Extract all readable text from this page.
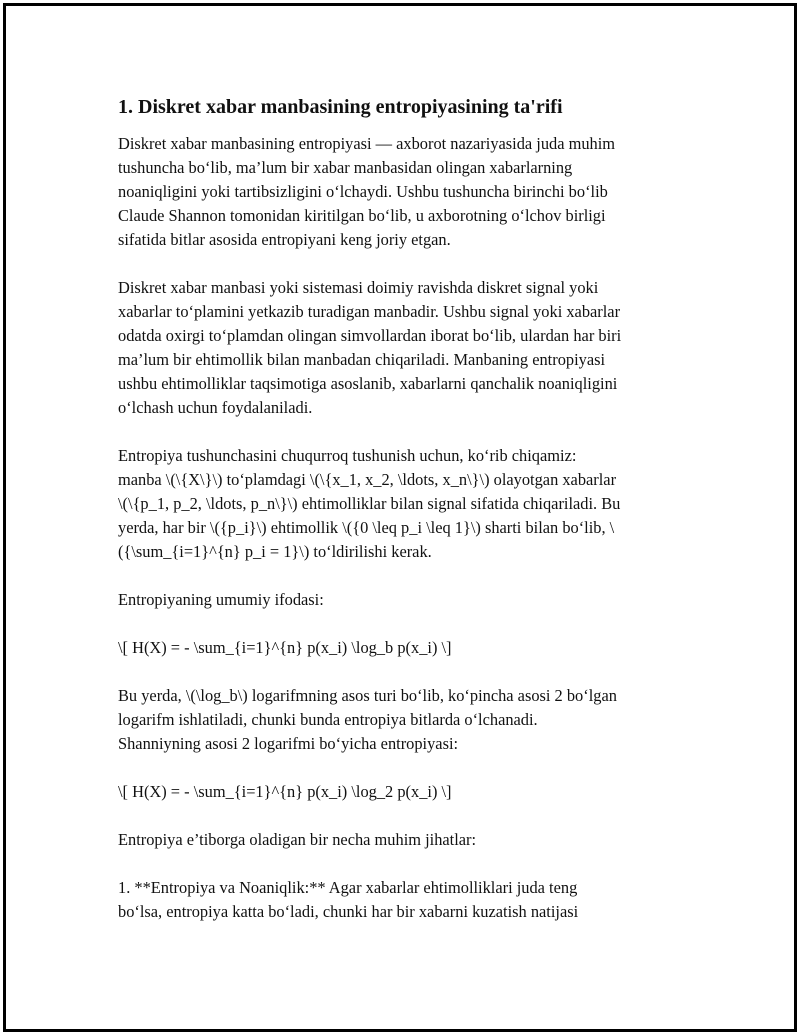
1. Diskret xabar manbasining entropiyasining ta'rifi

Diskret xabar manbasining entropiyasi — axborot nazariyasida juda muhim
tushuncha bo‘lib, ma’lum bir xabar manbasidan olingan xabarlarning
noaniqligini yoki tartibsizligini o‘lchaydi. Ushbu tushuncha birinchi bo‘lib
Claude Shannon tomonidan kiritilgan bo‘lib, u axborotning o‘lchov birligi
sifatida bitlar asosida entropiyani keng joriy etgan.

Diskret xabar manbasi yoki sistemasi doimiy ravishda diskret signal yoki
xabarlar to‘plamini yetkazib turadigan manbadir. Ushbu signal yoki xabarlar
odatda oxirgi to‘plamdan olingan simvollardan iborat bo‘lib, ulardan har biri
ma’lum bir ehtimollik bilan manbadan chiqariladi. Manbaning entropiyasi
ushbu ehtimolliklar taqsimotiga asoslanib, xabarlarni qanchalik noaniqligini
o‘lchash uchun foydalaniladi.

Entropiya tushunchasini chuqurroq tushunish uchun, ko‘rib chiqamiz:
manba \(\{X\}\) to‘plamdagi \(\{x_1, x_2, \ldots, x_n\}\) olayotgan xabarlar
\(\{p_1, p_2, \ldots, p_n\}\) ehtimolliklar bilan signal sifatida chiqariladi. Bu
yerda, har bir \({p_i}\) ehtimollik \({0 \leq p_i \leq 1}\) sharti bilan bo‘lib, \
({\sum_{i=1}^{n} p_i = 1}\) to‘ldirilishi kerak.

Entropiyaning umumiy ifodasi:

\[ H(X) = - \sum_{i=1}^{n} p(x_i) \log_b p(x_i) \]

Bu yerda, \(\log_b\) logarifmning asos turi bo‘lib, ko‘pincha asosi 2 bo‘lgan
logarifm ishlatiladi, chunki bunda entropiya bitlarda o‘lchanadi.
Shanniyning asosi 2 logarifmi bo‘yicha entropiyasi:

\[ H(X) = - \sum_{i=1}^{n} p(x_i) \log_2 p(x_i) \]

Entropiya e’tiborga oladigan bir necha muhim jihatlar:

1. **Entropiya va Noaniqlik:** Agar xabarlar ehtimolliklari juda teng
bo‘lsa, entropiya katta bo‘ladi, chunki har bir xabarni kuzatish natijasi
